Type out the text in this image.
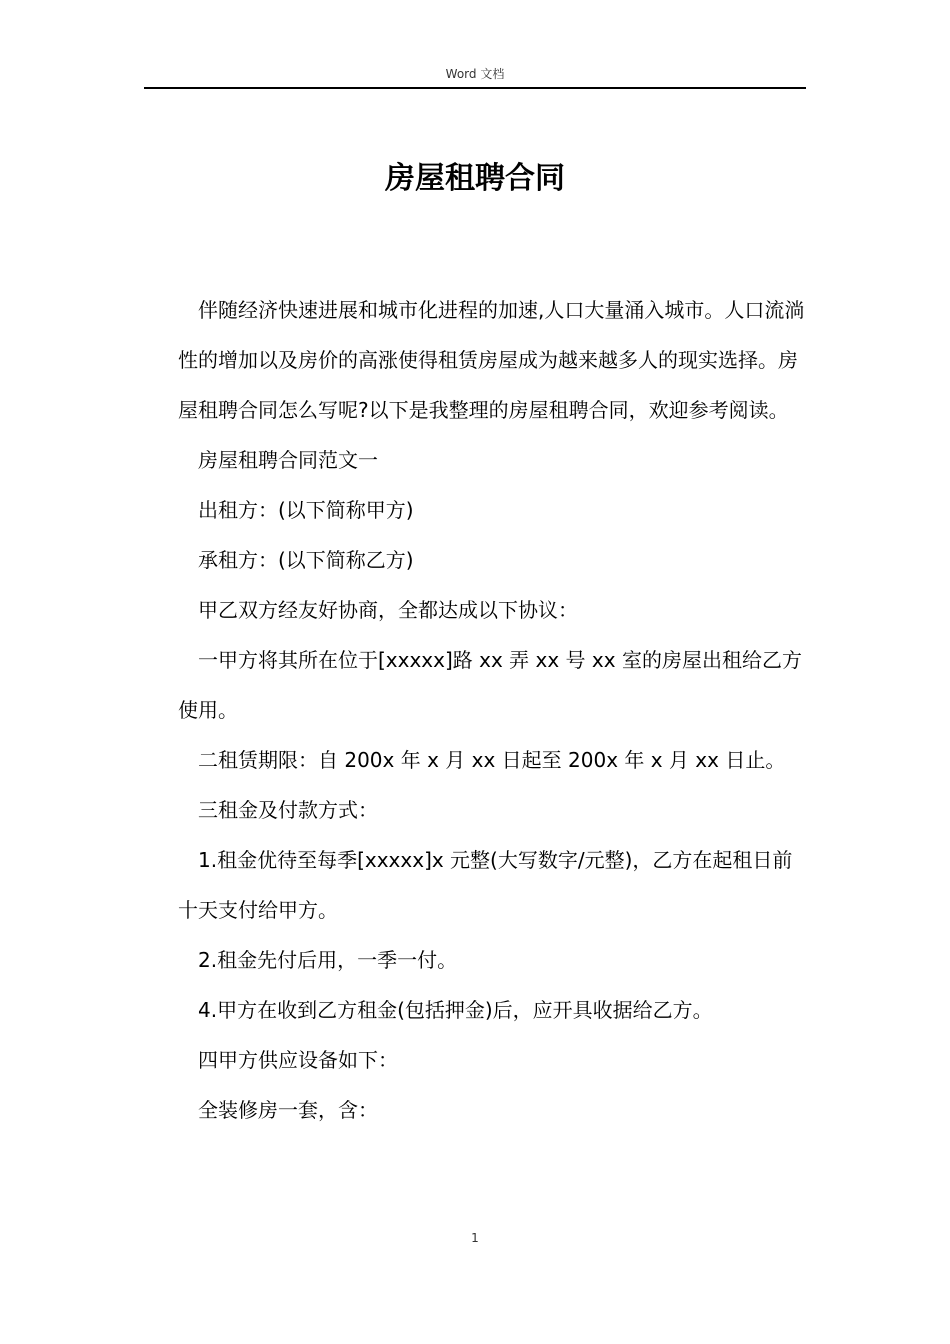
Word 文档
房屋租聘合同

伴随经济快速进展和城市化进程的加速,人口大量涌入城市。人口流淌性的增加以及房价的高涨使得租赁房屋成为越来越多人的现实选择。房屋租聘合同怎么写呢?以下是我整理的房屋租聘合同，欢迎参考阅读。

房屋租聘合同范文一

出租方：(以下简称甲方)

承租方：(以下简称乙方)

甲乙双方经友好协商，全都达成以下协议：

一甲方将其所在位于[xxxxx]路 xx 弄 xx 号 xx 室的房屋出租给乙方使用。

二租赁期限：自 200x 年 x 月 xx 日起至 200x 年 x 月 xx 日止。

三租金及付款方式：

1.租金优待至每季[xxxxx]x 元整(大写数字/元整)，乙方在起租日前十天支付给甲方。

2.租金先付后用，一季一付。

4.甲方在收到乙方租金(包括押金)后，应开具收据给乙方。

四甲方供应设备如下：

全装修房一套，含：

1
